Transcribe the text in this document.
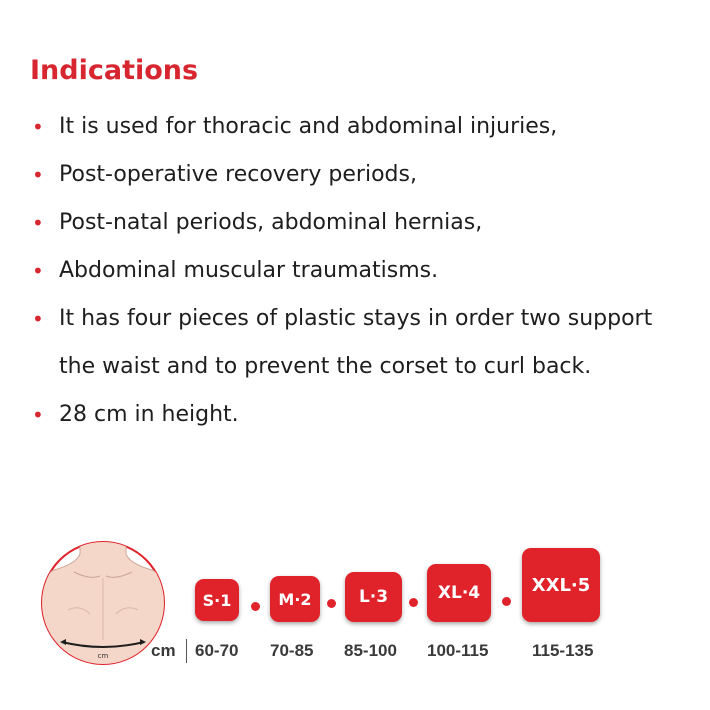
Indications
• It is used for thoracic and abdominal injuries,
• Post-operative recovery periods,
• Post-natal periods, abdominal hernias,
• Abdominal muscular traumatisms.
• It has four pieces of plastic stays in order two support the waist and to prevent the corset to curl back.
• 28 cm in height.
cm
S·1	M·2	L·3	XL·4	XXL·5
cm 60-70 70-85 85-100 100-115	115-135
